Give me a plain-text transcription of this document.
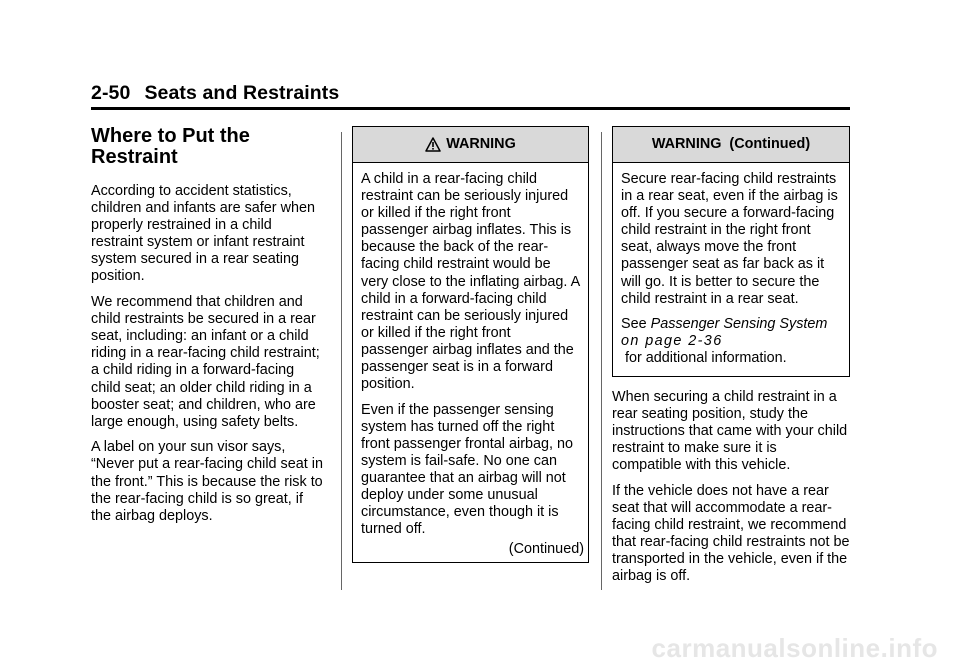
2-50 Seats and Restraints
Where to Put the
Restraint

According to accident statistics, children and infants are safer when properly restrained in a child restraint system or infant restraint system secured in a rear seating position.

We recommend that children and child restraints be secured in a rear seat, including: an infant or a child riding in a rear-facing child restraint; a child riding in a forward-facing child seat; an older child riding in a booster seat; and children, who are large enough, using safety belts.

A label on your sun visor says, “Never put a rear-facing child seat in the front.” This is because the risk to the rear-facing child is so great, if the airbag deploys.

WARNING

A child in a rear-facing child restraint can be seriously injured or killed if the right front passenger airbag inflates. This is because the back of the rear-facing child restraint would be very close to the inflating airbag. A child in a forward-facing child restraint can be seriously injured or killed if the right front passenger airbag inflates and the passenger seat is in a forward position.

Even if the passenger sensing system has turned off the right front passenger frontal airbag, no system is fail-safe. No one can guarantee that an airbag will not deploy under some unusual circumstance, even though it is turned off.

(Continued)
WARNING  (Continued)

Secure rear-facing child restraints in a rear seat, even if the airbag is off. If you secure a forward-facing child restraint in the right front seat, always move the front passenger seat as far back as it will go. It is better to secure the child restraint in a rear seat.

See Passenger Sensing System on page 2-36 for additional information.

When securing a child restraint in a rear seating position, study the instructions that came with your child restraint to make sure it is compatible with this vehicle.

If the vehicle does not have a rear seat that will accommodate a rear-facing child restraint, we recommend that rear-facing child restraints not be transported in the vehicle, even if the airbag is off.

carmanualsonline.info
